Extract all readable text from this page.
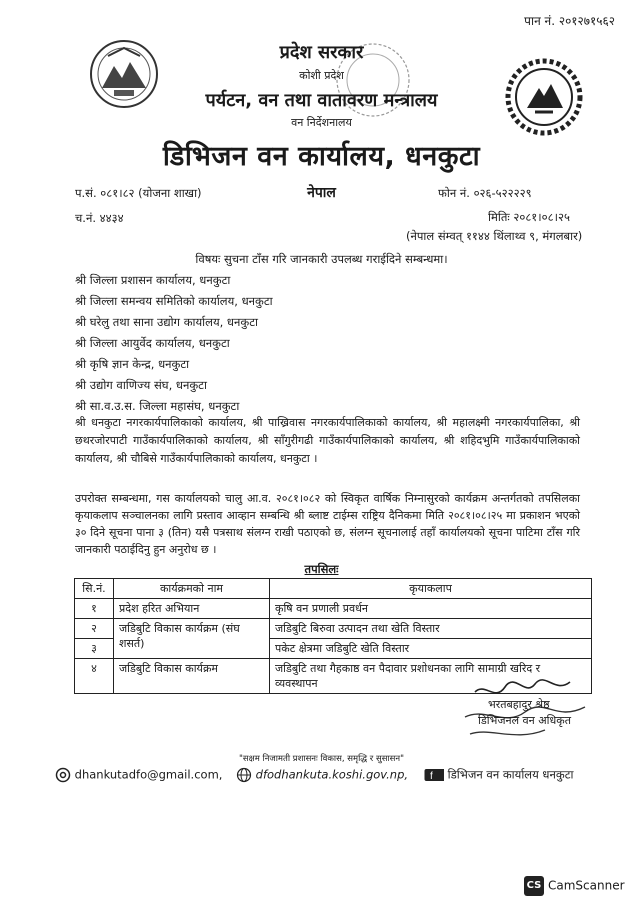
पान नं. २०१२७१५६२
प्रदेश सरकार
कोशी प्रदेश
पर्यटन, वन तथा वातावरण मन्त्रालय
वन निर्देशनालय
डिभिजन वन कार्यालय, धनकुटा
नेपाल
प.सं. ०८१।८२ (योजना शाखा)	फोन नं. ०२६-५२२२२९
च.नं. ४४३४	मितिः २०८१।०८।२५
(नेपाल संम्वत् ११४४ थिंलाथ्व ९, मंगलबार)
विषयः सुचना टाँस गरि जानकारी उपलब्ध गराईदिने सम्बन्धमा।
श्री जिल्ला प्रशासन कार्यालय, धनकुटा
श्री जिल्ला समन्वय समितिको कार्यालय, धनकुटा
श्री घरेलु तथा साना उद्योग कार्यालय, धनकुटा
श्री जिल्ला आयुर्वेद कार्यालय, धनकुटा
श्री कृषि ज्ञान केन्द्र, धनकुटा
श्री उद्योग वाणिज्य संघ, धनकुटा
श्री सा.व.उ.स. जिल्ला महासंघ, धनकुटा
श्री धनकुटा नगरकार्यपालिकाको कार्यालय, श्री पाख्रिवास नगरकार्यपालिकाको कार्यालय, श्री महालक्ष्मी नगरकार्यपालिका, श्री छथरजोरपाटी गाउँकार्यपालिकाको कार्यालय, श्री साँगुरीगढी गाउँकार्यपालिकाको कार्यालय, श्री शहिदभुमि गाउँकार्यपालिकाको कार्यालय, श्री चौबिसे गाउँकार्यपालिकाको कार्यालय, धनकुटा ।
उपरोक्त सम्बन्धमा, गस कार्यालयको चालु आ.व. २०८१।०८२ को स्विकृत वार्षिक निम्नासुरको कार्यक्रम अन्तर्गतको तपसिलका कृयाकलाप सञ्चालनका लागि प्रस्ताव आव्हान सम्बन्धि श्री ब्लाष्ट टाईम्स राष्ट्रिय दैनिकमा मिति २०८१।०८।२५ मा प्रकाशन भएको ३० दिने सूचना पाना ३ (तिन) यसै पत्रसाथ संलग्न राखी पठाएको छ, संलग्न सूचनालाई तहाँ कार्यालयको सूचना पाटिमा टाँस गरि जानकारी पठाईदिनु हुन अनुरोध छ ।
तपसिलः
सि.नं.	कार्यक्रमको नाम	कृयाकलाप
१	प्रदेश हरित अभियान	कृषि वन प्रणाली प्रवर्धन
२	जडिबुटि विकास कार्यक्रम (संघ शसर्त)	जडिबुटि बिरुवा उत्पादन तथा खेति विस्तार
३		पकेट क्षेत्रमा जडिबुटि खेति विस्तार
४	जडिबुटि विकास कार्यक्रम	जडिबुटि तथा गैहकाष्ठ वन पैदावार प्रशोधनका लागि सामाग्री खरिद र व्यवस्थापन
भरतबहादुर श्रेष्ठ
डिभिजनल वन अधिकृत
"सक्षम निजामती प्रशासनः विकास, समृद्धि र सुसासन"
dhankutadfo@gmail.com,	dfodhankuta.koshi.gov.np, f डिभिजन वन कार्यालय धनकुटा
CS CamScanner
